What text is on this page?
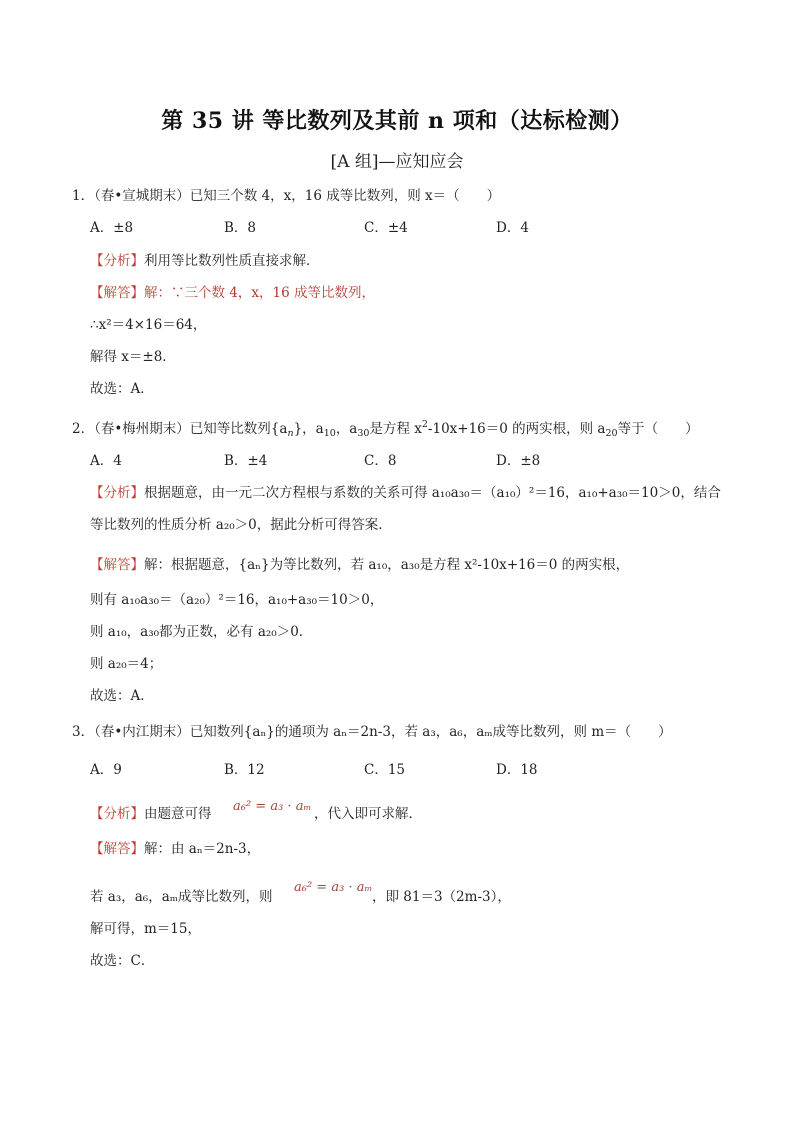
第 35 讲 等比数列及其前 n 项和（达标检测）
[A 组]—应知应会
1．（春•宣城期末）已知三个数 4，x，16 成等比数列，则 x＝（　　）
A．±8	B．8	C．±4	D．4
【分析】利用等比数列性质直接求解．
【解答】解：∵三个数 4，x，16 成等比数列，
∴x²＝4×16＝64，
解得 x＝±8．
故选：A．
2．（春•梅州期末）已知等比数列$\{a_n\}$，$a_{10}$，$a_{30}$是方程 $x^2-10x+16=0$ 的两实根，则 $a_{20}$等于（　　）
A．4	B．±4	C．8	D．±8
【分析】根据题意，由一元二次方程根与系数的关系可得 a₁₀a₃₀＝（a₁₀）²＝16，a₁₀+a₃₀＝10＞0，结合
等比数列的性质分析 a₂₀＞0，据此分析可得答案．
【解答】解：根据题意，{aₙ}为等比数列，若 a₁₀，a₃₀是方程 x²-10x+16＝0 的两实根，
则有 a₁₀a₃₀＝（a₂₀）²＝16，a₁₀+a₃₀＝10＞0，
则 a₁₀，a₃₀都为正数，必有 a₂₀＞0．
则 a₂₀＝4；
故选：A．
3．（春•内江期末）已知数列{aₙ}的通项为 aₙ＝2n-3，若 a₃，a₆，aₘ成等比数列，则 m＝（　　）
A．9	B．12	C．15	D．18
【分析】由题意可得 a₆² = a₃ · aₘ ，代入即可求解．
【解答】解：由 aₙ＝2n-3，
若 a₃，a₆，aₘ成等比数列，则
a₆² = a₃ · aₘ
，即 81＝3（2m-3），
解可得，m＝15，
故选：C．
